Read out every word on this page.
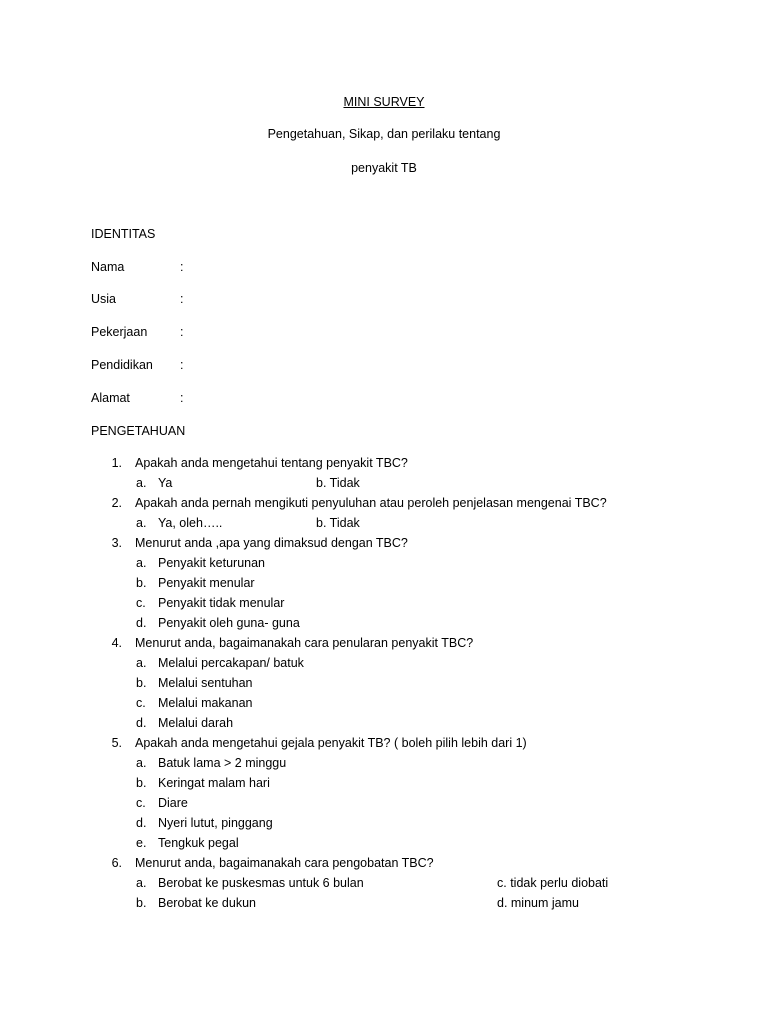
MINI SURVEY
Pengetahuan, Sikap, dan perilaku tentang
penyakit TB
IDENTITAS
Nama	:
Usia	:
Pekerjaan	:
Pendidikan :
Alamat	:
PENGETAHUAN
1. Apakah anda mengetahui tentang penyakit TBC?
a. Ya	b. Tidak
2. Apakah anda pernah mengikuti penyuluhan atau peroleh penjelasan mengenai TBC?
a. Ya, oleh…..	b. Tidak
3. Menurut anda ,apa yang dimaksud dengan TBC?
a. Penyakit keturunan
b. Penyakit menular
c. Penyakit tidak menular
d. Penyakit oleh guna- guna
4. Menurut anda, bagaimanakah cara penularan penyakit TBC?
a. Melalui percakapan/ batuk
b. Melalui sentuhan
c. Melalui makanan
d. Melalui darah
5. Apakah anda mengetahui gejala penyakit TB? ( boleh pilih lebih dari 1)
a. Batuk lama > 2 minggu
b. Keringat malam hari
c. Diare
d. Nyeri lutut, pinggang
e. Tengkuk pegal
6. Menurut anda, bagaimanakah cara pengobatan TBC?
a. Berobat ke puskesmas untuk 6 bulan	c. tidak perlu diobati
b. Berobat ke dukun	d. minum jamu
